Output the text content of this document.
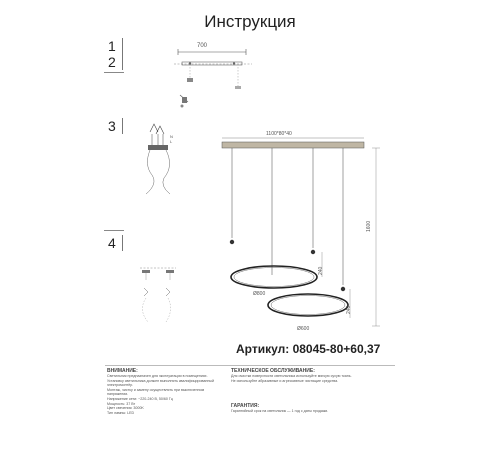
Инструкция
1
2
3
4
700
N
L
1100*80*40
1600
240
240
Ø800
Ø600
Артикул: 08045-80+60,37
ВНИМАНИЕ:
Светильник предназначен для эксплуатации в помещениях.
Установку светильника должен выполнять квалифицированный электромонтёр.
Монтаж, чистку и замену осуществлять при выключенном напряжении.
Напряжение сети: ~220-240 В, 50/60 Гц
Мощность: 37 Вт
Цвет свечения: 3000K
Тип лампы: LED
ТЕХНИЧЕСКОЕ ОБСЛУЖИВАНИЕ:
Для очистки поверхности светильника используйте мягкую сухую ткань.
Не используйте абразивные и агрессивные чистящие средства.
ГАРАНТИЯ:
Гарантийный срок на светильник — 1 год с даты продажи.
